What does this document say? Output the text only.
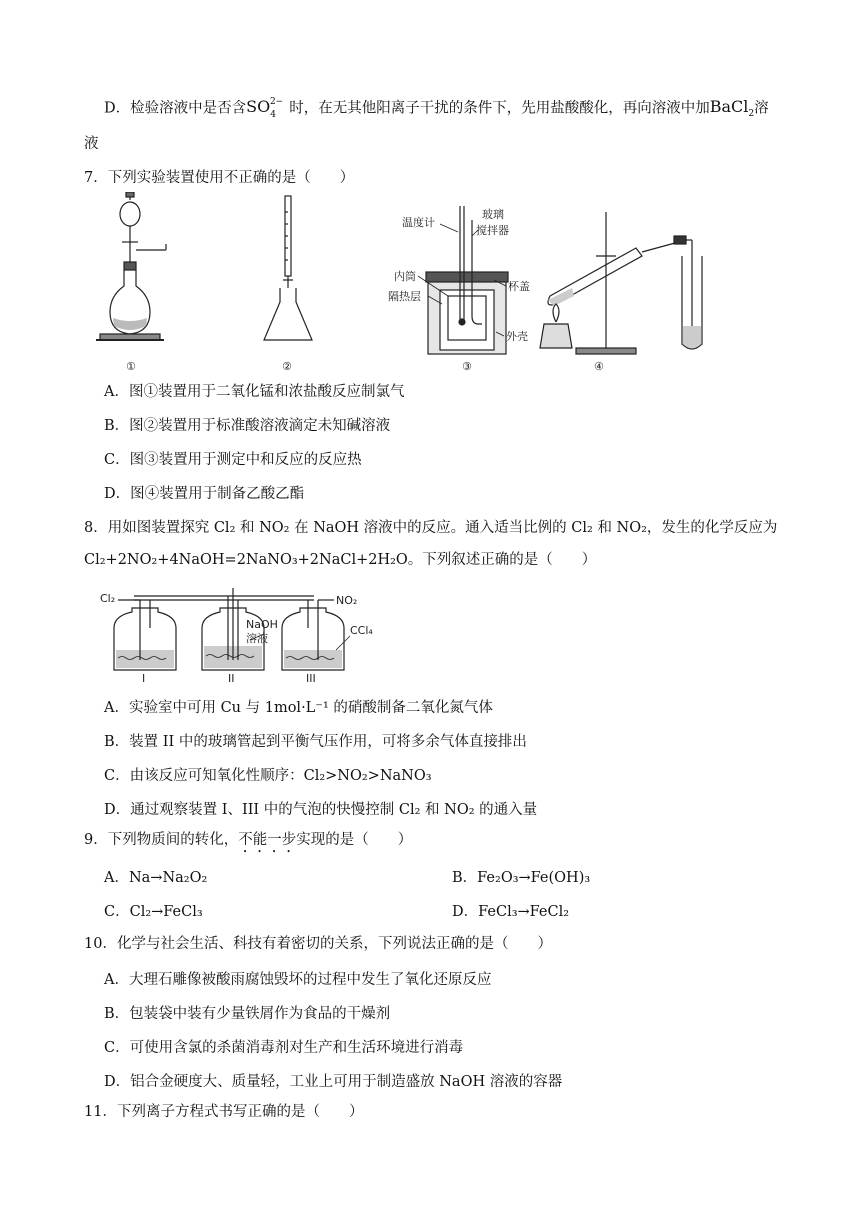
D．检验溶液中是否含$SO_4^{2-}$ 时，在无其他阳离子干扰的条件下，先用盐酸酸化，再向溶液中加BaCl$_2$溶
液
7．下列实验装置使用不正确的是（　　）
①	②
温度计
玻璃
搅拌器
内筒
杯盖
隔热层
外壳
③	④
A．图①装置用于二氧化锰和浓盐酸反应制氯气
B．图②装置用于标准酸溶液滴定未知碱溶液
C．图③装置用于测定中和反应的反应热
D．图④装置用于制备乙酸乙酯
8．用如图装置探究 Cl₂ 和 NO₂ 在 NaOH 溶液中的反应。通入适当比例的 Cl₂ 和 NO₂，发生的化学反应为
Cl₂+2NO₂+4NaOH=2NaNO₃+2NaCl+2H₂O。下列叙述正确的是（　　）
Cl₂	NO₂
NaOH
溶液
CCl₄
I	II	III
A．实验室中可用 Cu 与 1mol·L⁻¹ 的硝酸制备二氧化氮气体
B．装置 II 中的玻璃管起到平衡气压作用，可将多余气体直接排出
C．由该反应可知氧化性顺序：Cl₂>NO₂>NaNO₃
D．通过观察装置 I、III 中的气泡的快慢控制 Cl₂ 和 NO₂ 的通入量
9．下列物质间的转化，不能一步实现的是（　　）
A．Na→Na₂O₂	B．Fe₂O₃→Fe(OH)₃
C．Cl₂→FeCl₃	D．FeCl₃→FeCl₂
10．化学与社会生活、科技有着密切的关系，下列说法正确的是（　　）
A．大理石雕像被酸雨腐蚀毁坏的过程中发生了氧化还原反应
B．包装袋中装有少量铁屑作为食品的干燥剂
C．可使用含氯的杀菌消毒剂对生产和生活环境进行消毒
D．铝合金硬度大、质量轻，工业上可用于制造盛放 NaOH 溶液的容器
11．下列离子方程式书写正确的是（　　）
